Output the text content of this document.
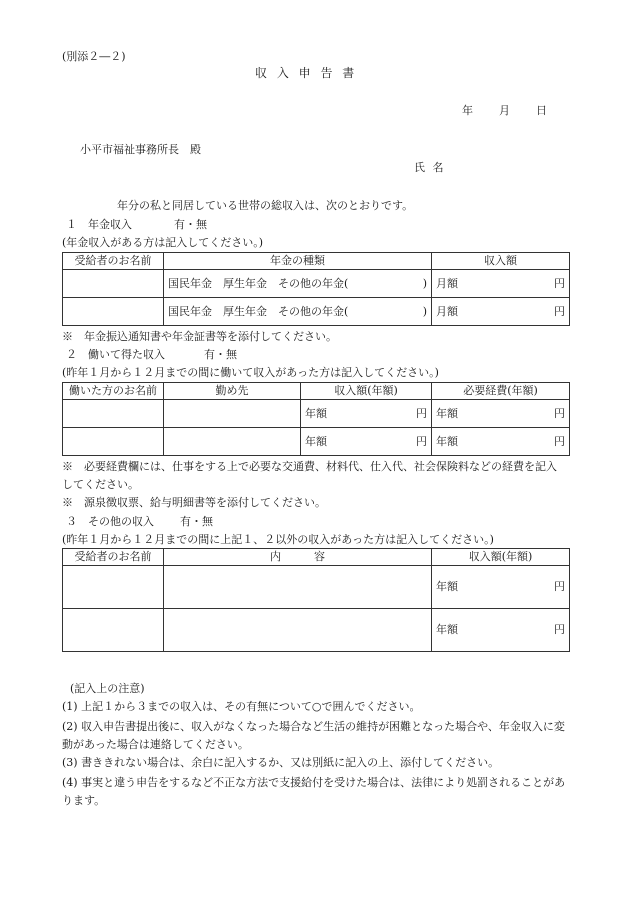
(別添２―２)
収 入 申 告 書
年 月 日
小平市福祉事務所長　殿
氏 名
年分の私と同居している世帯の総収入は、次のとおりです。
１　年金収入	有・無
(年金収入がある方は記入してください。)
受給者のお名前	年金の種類	収入額

	国民年金　厚生年金　その他の年金( )	月額 円

	国民年金　厚生年金　その他の年金( )	月額 円
※　年金振込通知書や年金証書等を添付してください。
２　働いて得た収入	有・無
(昨年１月から１２月までの間に働いて収入があった方は記入してください。)
働いた方のお名前	勤め先	収入額(年額)	必要経費(年額)

		年額 円	年額 円

		年額 円	年額 円
※　必要経費欄には、仕事をする上で必要な交通費、材料代、仕入代、社会保険料などの経費を記入してください。
※　源泉徴収票、給与明細書等を添付してください。
３　その他の収入 有・無
(昨年１月から１２月までの間に上記１、２以外の収入があった方は記入してください。)
受給者のお名前	内　　　容	収入額(年額)

		年額 円

		年額 円
(記入上の注意)
(1) 上記１から３までの収入は、その有無について○で囲んでください。
(2) 収入申告書提出後に、収入がなくなった場合など生活の維持が困難となった場合や、年金収入に変動があった場合は連絡してください。
(3) 書ききれない場合は、余白に記入するか、又は別紙に記入の上、添付してください。
(4) 事実と違う申告をするなど不正な方法で支援給付を受けた場合は、法律により処罰されることがあります。
